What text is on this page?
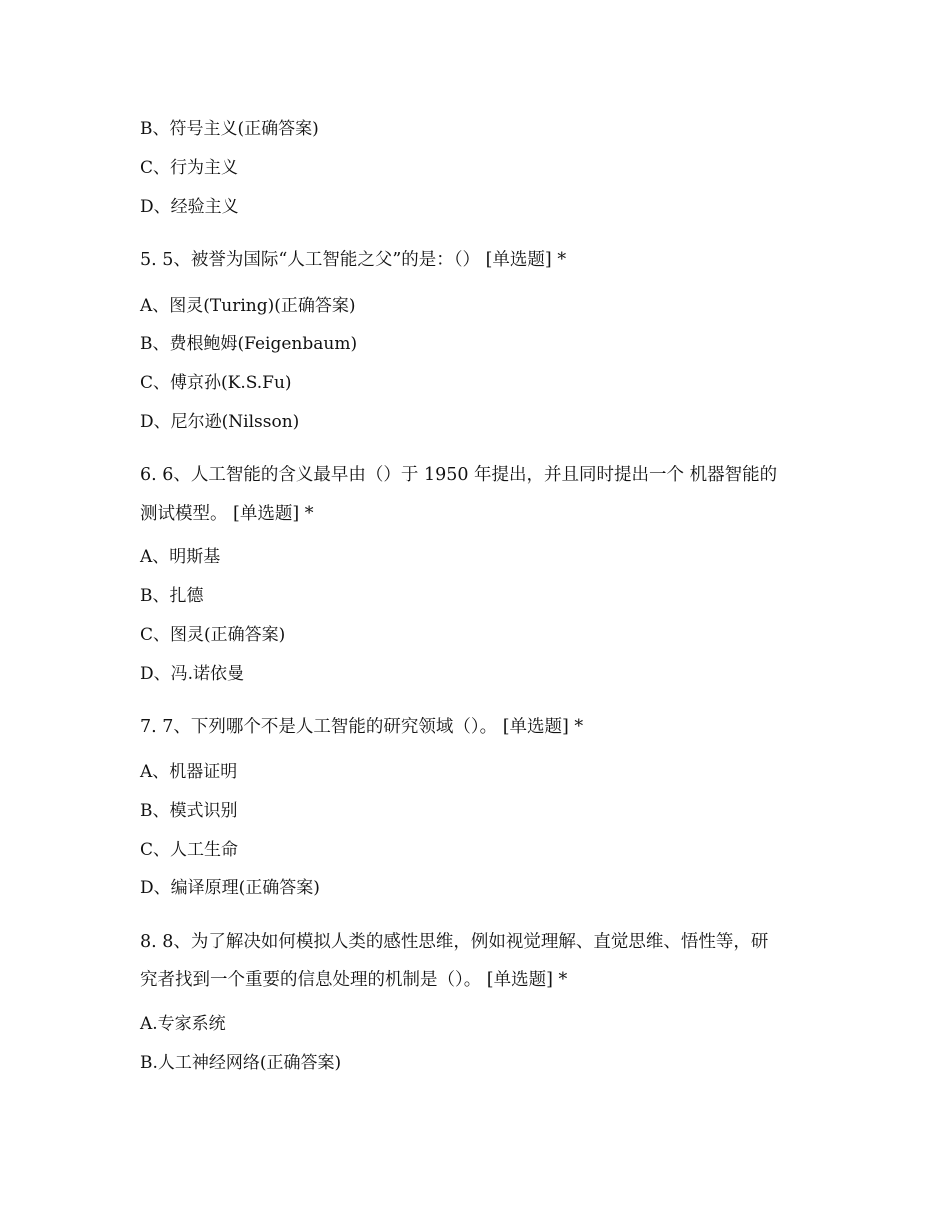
B、符号主义(正确答案)
C、行为主义
D、经验主义
5. 5、被誉为国际“人工智能之父”的是：（） [单选题] *
A、图灵(Turing)(正确答案)
B、费根鲍姆(Feigenbaum)
C、傅京孙(K.S.Fu)
D、尼尔逊(Nilsson)
6. 6、人工智能的含义最早由（）于 1950 年提出，并且同时提出一个 机器智能的
测试模型。 [单选题] *
A、明斯基
B、扎德
C、图灵(正确答案)
D、冯.诺依曼
7. 7、下列哪个不是人工智能的研究领域（）。 [单选题] *
A、机器证明
B、模式识别
C、人工生命
D、编译原理(正确答案)
8. 8、为了解决如何模拟人类的感性思维，例如视觉理解、直觉思维、悟性等，研
究者找到一个重要的信息处理的机制是（）。 [单选题] *
A.专家系统
B.人工神经网络(正确答案)
